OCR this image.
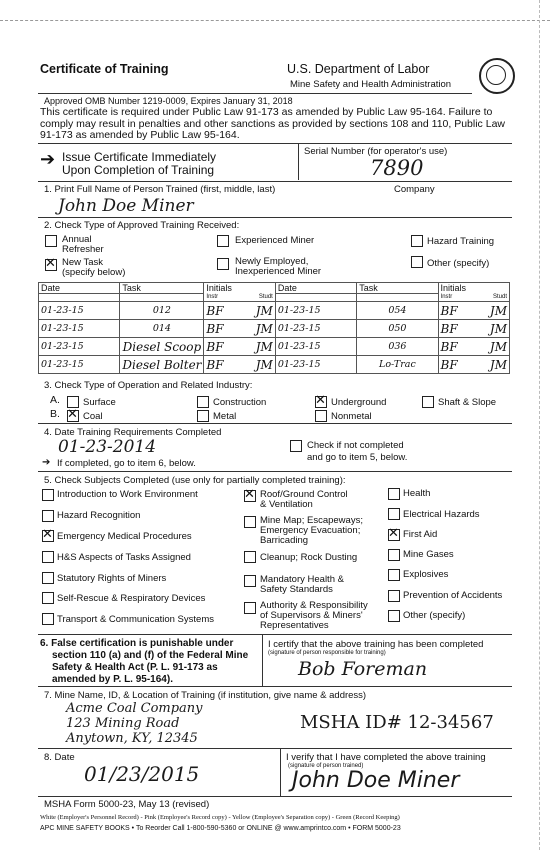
Certificate of Training	U.S. Department of Labor
Mine Safety and Health Administration
Approved OMB Number 1219-0009, Expires January 31, 2018
This certificate is required under Public Law 91-173 as amended by Public Law 95-164. Failure to comply may result in penalties and other sanctions as provided by sections 108 and 110, Public Law 91-173 as amended by Public Law 95-164.
➔ Issue Certificate Immediately
Upon Completion of Training
Serial Number (for operator's use)
7890
1. Print Full Name of Person Trained (first, middle, last)	Company
John Doe Miner
2. Check Type of Approved Training Received:
Annual
Refresher
Experienced Miner	Hazard Training
✕
New Task
(specify below)
Newly Employed,
Inexperienced Miner
Other (specify)
Date	Task	Initials	Date	Task	Initials

		Instr Studt			Instr Studt

01-23-15	012	BF JM	01-23-15	054	BF JM

01-23-15	014	BF JM	01-23-15	050	BF JM

01-23-15	Diesel Scoop	BF JM	01-23-15	036	BF JM

01-23-15	Diesel Bolter	BF JM	01-23-15	Lo-Trac	BF JM
3. Check Type of Operation and Related Industry:
A. Surface	Construction ✕	Underground	Shaft & Slope
B. ✕ Coal	Metal	Nonmetal
4. Date Training Requirements Completed
01-23-2014
➔ If completed, go to item 6, below.
Check if not completed
and go to item 5, below.
5. Check Subjects Completed (use only for partially completed training):
Introduction to Work Environment
Hazard Recognition
✕
Emergency Medical Procedures
H&S Aspects of Tasks Assigned
Statutory Rights of Miners
Self-Rescue & Respiratory Devices
Transport & Communication Systems
✕
Roof/Ground Control
& Ventilation
Mine Map; Escapeways;
Emergency Evacuation;
Barricading
Cleanup; Rock Dusting
Mandatory Health &
Safety Standards
Authority & Responsibility
of Supervisors & Miners'
Representatives
Health
Electrical Hazards
✕
First Aid
Mine Gases
Explosives
Prevention of Accidents
Other (specify)
6. False certification is punishable under
section 110 (a) and (f) of the Federal Mine
Safety & Health Act (P. L. 91-173 as
amended by P. L. 95-164).
I certify that the above training has been completed
(signature of person responsible for training)
Bob Foreman
7. Mine Name, ID, & Location of Training (if institution, give name & address)
Acme Coal Company
123 Mining Road
Anytown, KY, 12345
MSHA ID# 12-34567
8. Date
01/23/2015
I verify that I have completed the above training
(signature of person trained)
John Doe Miner
MSHA Form 5000-23, May 13 (revised)
White (Employer's Personnel Record) - Pink (Employee's Record copy) - Yellow (Employee's Separation copy) - Green (Record Keeping)
APC MINE SAFETY BOOKS • To Reorder Call 1-800-590-5360 or ONLINE @ www.amprintco.com • FORM 5000-23
